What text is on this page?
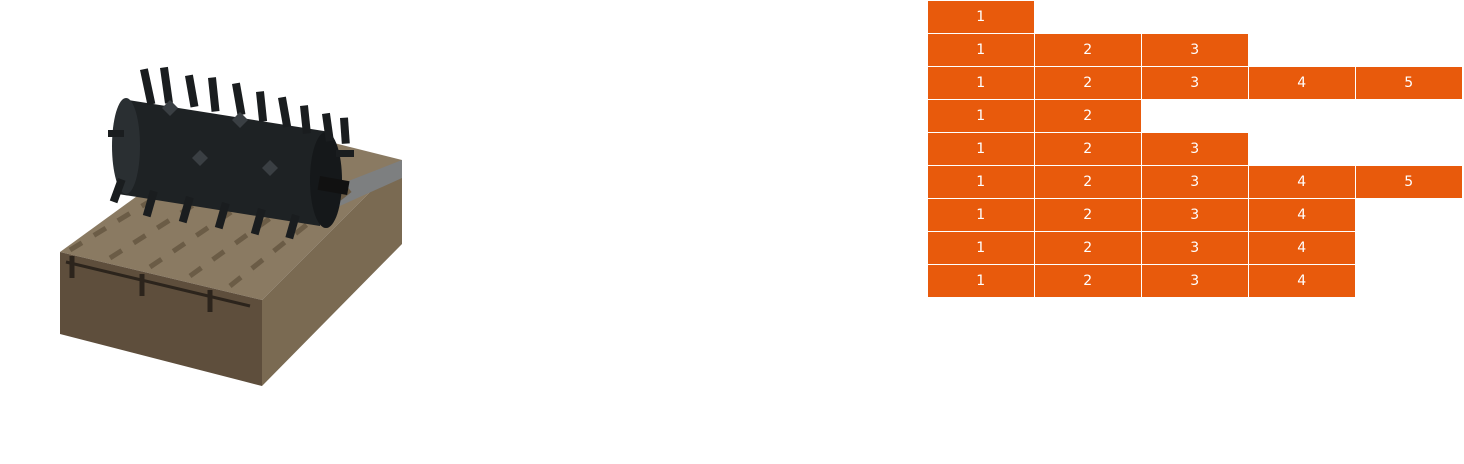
1
1	2	3
1	2	3	4	5
1	2
1	2	3
1	2	3	4	5
1	2	3	4
1	2	3	4
1	2	3	4
